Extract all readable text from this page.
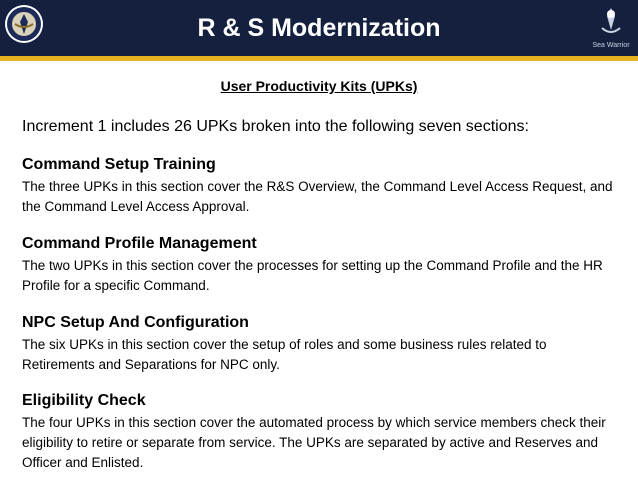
R & S Modernization
Sea Warrior
User Productivity Kits (UPKs)
Increment 1 includes 26 UPKs broken into the following seven sections:
Command Setup Training
The three UPKs in this section cover the R&S Overview, the Command Level Access Request, and the Command Level Access Approval.
Command Profile Management
The two UPKs in this section cover the processes for setting up the Command Profile and the HR Profile for a specific Command.
NPC Setup And Configuration
The six UPKs in this section cover the setup of roles and some business rules related to Retirements and Separations for NPC only.
Eligibility Check
The four UPKs in this section cover the automated process by which service members check their eligibility to retire or separate from service. The UPKs are separated by active and Reserves and Officer and Enlisted.
